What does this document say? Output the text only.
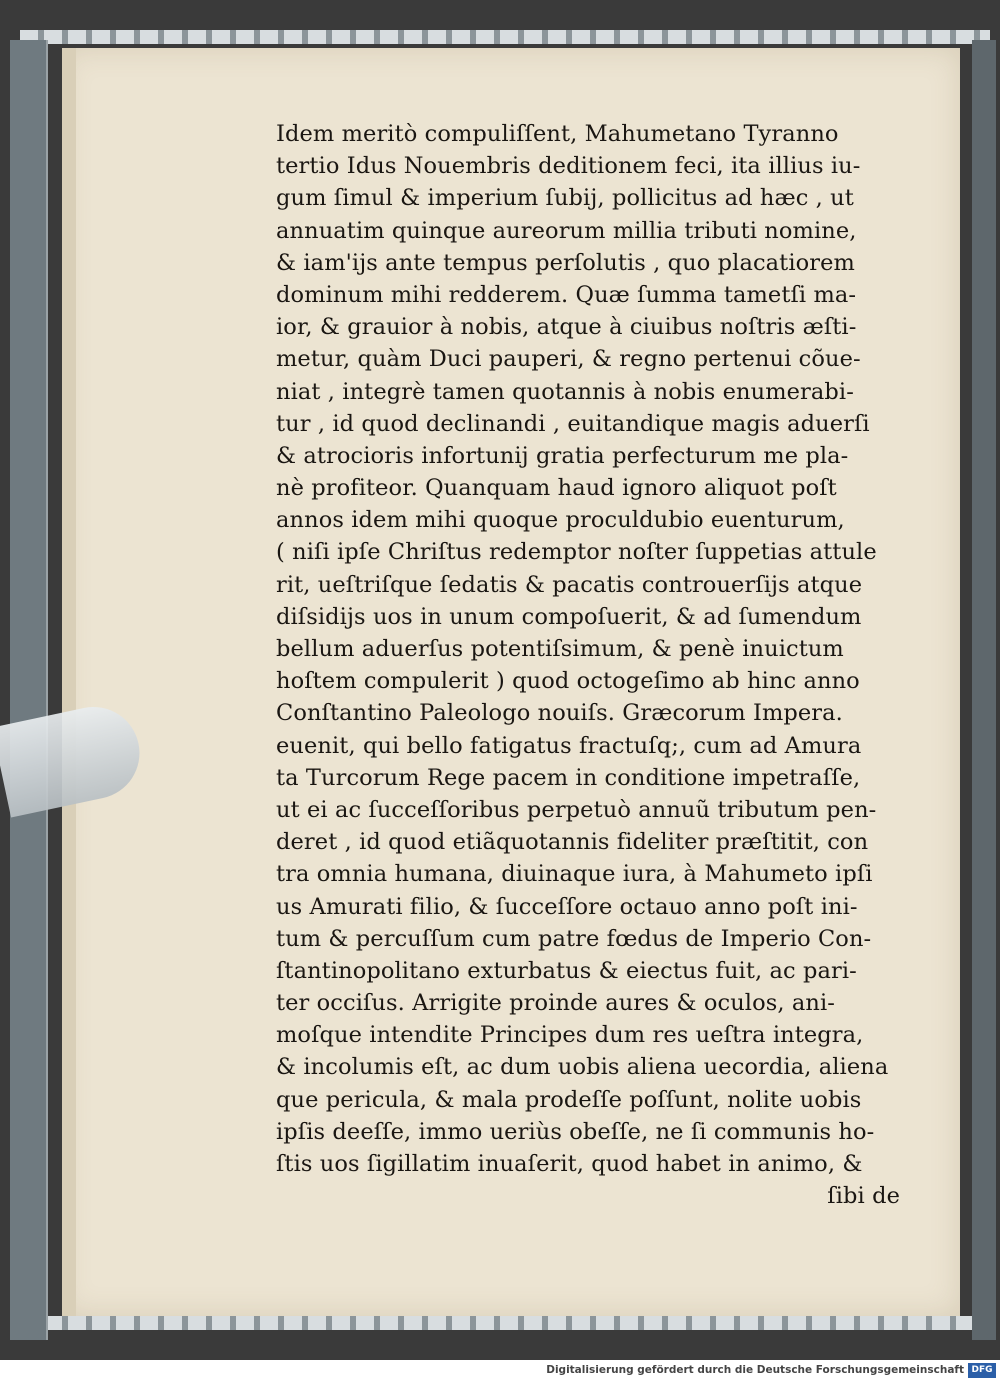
Idem meritò compuliſſent, Mahumetano Tyranno
tertio Idus Nouembris deditionem feci, ita illius iu-
gum ſimul & imperium ſubij, pollicitus ad hæc , ut
annuatim quinque aureorum millia tributi nomine,
& iam'ijs ante tempus perſolutis , quo placatiorem
dominum mihi redderem. Quæ ſumma tametſi ma-
ior, & grauior à nobis, atque à ciuibus noſtris æſti-
metur, quàm Duci pauperi, & regno pertenui cõue-
niat , integrè tamen quotannis à nobis enumerabi-
tur , id quod declinandi , euitandique magis aduerſi
& atrocioris infortunij gratia perfecturum me pla-
nè profiteor. Quanquam haud ignoro aliquot poſt
annos idem mihi quoque proculdubio euenturum,
( niſi ipſe Chriſtus redemptor noſter ſuppetias attule
rit, ueſtriſque ſedatis & pacatis controuerſijs atque
diſsidijs uos in unum compoſuerit, & ad ſumendum
bellum aduerſus potentiſsimum, & penè inuictum
hoſtem compulerit ) quod octogeſimo ab hinc anno
Conſtantino Paleologo nouiſs. Græcorum Impera.
euenit, qui bello fatigatus fractuſq;, cum ad Amura
ta Turcorum Rege pacem in conditione impetraſſe,
ut ei ac ſucceſſoribus perpetuò annuũ tributum pen-
deret , id quod etiãquotannis fideliter præſtitit, con
tra omnia humana, diuinaque iura, à Mahumeto ipſi
us Amurati filio, & ſucceſſore octauo anno poſt ini-
tum & percuſſum cum patre fœdus de Imperio Con-
ſtantinopolitano exturbatus & eiectus fuit, ac pari-
ter occiſus. Arrigite proinde aures & oculos, ani-
moſque intendite Principes dum res ueſtra integra,
& incolumis eſt, ac dum uobis aliena uecordia, aliena
que pericula, & mala prodeſſe poſſunt, nolite uobis
ipſis deeſſe, immo ueriùs obeſſe, ne ſi communis ho-
ſtis uos ſigillatim inuaſerit, quod habet in animo, &
ſibi de
Digitalisierung gefördert durch die Deutsche Forschungsgemeinschaft DFG
